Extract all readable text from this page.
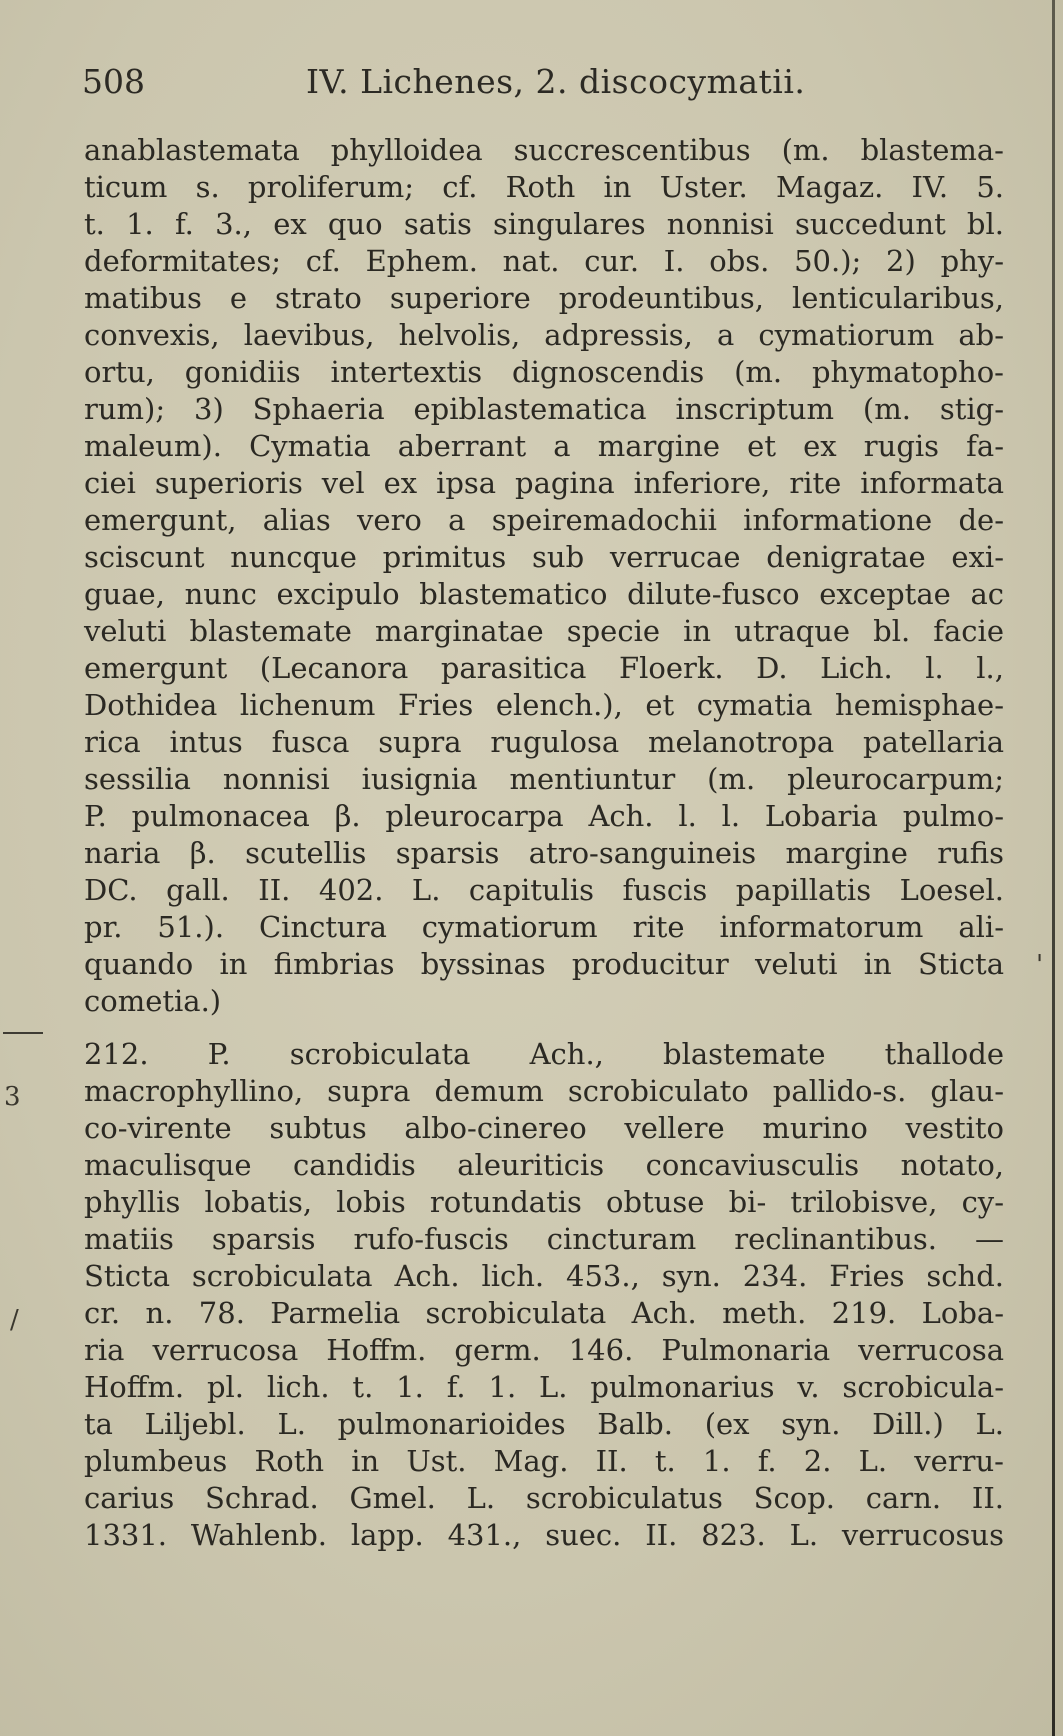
508	IV. Lichenes, 2. discocymatii.
3
/
'
anablastemata phylloidea succrescentibus (m. blastema-
ticum s. proliferum; cf. Roth in Uster. Magaz. IV. 5.
t. 1. f. 3., ex quo satis singulares nonnisi succedunt bl.
deformitates; cf. Ephem. nat. cur. I. obs. 50.); 2) phy-
matibus e strato superiore prodeuntibus, lenticularibus,
convexis, laevibus, helvolis, adpressis, a cymatiorum ab-
ortu, gonidiis intertextis dignoscendis (m. phymatopho-
rum); 3) Sphaeria epiblastematica inscriptum (m. stig-
maleum). Cymatia aberrant a margine et ex rugis fa-
ciei superioris vel ex ipsa pagina inferiore, rite informata
emergunt, alias vero a speiremadochii informatione de-
sciscunt nuncque primitus sub verrucae denigratae exi-
guae, nunc excipulo blastematico dilute-fusco exceptae ac
veluti blastemate marginatae specie in utraque bl. facie
emergunt (Lecanora parasitica Floerk. D. Lich. l. l.,
Dothidea lichenum Fries elench.), et cymatia hemisphae-
rica intus fusca supra rugulosa melanotropa patellaria
sessilia nonnisi iusignia mentiuntur (m. pleurocarpum;
P. pulmonacea β. pleurocarpa Ach. l. l. Lobaria pulmo-
naria β. scutellis sparsis atro-sanguineis margine rufis
DC. gall. II. 402. L. capitulis fuscis papillatis Loesel.
pr. 51.). Cinctura cymatiorum rite informatorum ali-
quando in fimbrias byssinas producitur veluti in Sticta
cometia.)
212. P. scrobiculata Ach., blastemate thallode
macrophyllino, supra demum scrobiculato pallido-s. glau-
co-virente subtus albo-cinereo vellere murino vestito
maculisque candidis aleuriticis concaviusculis notato,
phyllis lobatis, lobis rotundatis obtuse bi- trilobisve, cy-
matiis sparsis rufo-fuscis cincturam reclinantibus. —
Sticta scrobiculata Ach. lich. 453., syn. 234. Fries schd.
cr. n. 78. Parmelia scrobiculata Ach. meth. 219. Loba-
ria verrucosa Hoffm. germ. 146. Pulmonaria verrucosa
Hoffm. pl. lich. t. 1. f. 1. L. pulmonarius v. scrobicula-
ta Liljebl. L. pulmonarioides Balb. (ex syn. Dill.) L.
plumbeus Roth in Ust. Mag. II. t. 1. f. 2. L. verru-
carius Schrad. Gmel. L. scrobiculatus Scop. carn. II.
1331. Wahlenb. lapp. 431., suec. II. 823. L. verrucosus
